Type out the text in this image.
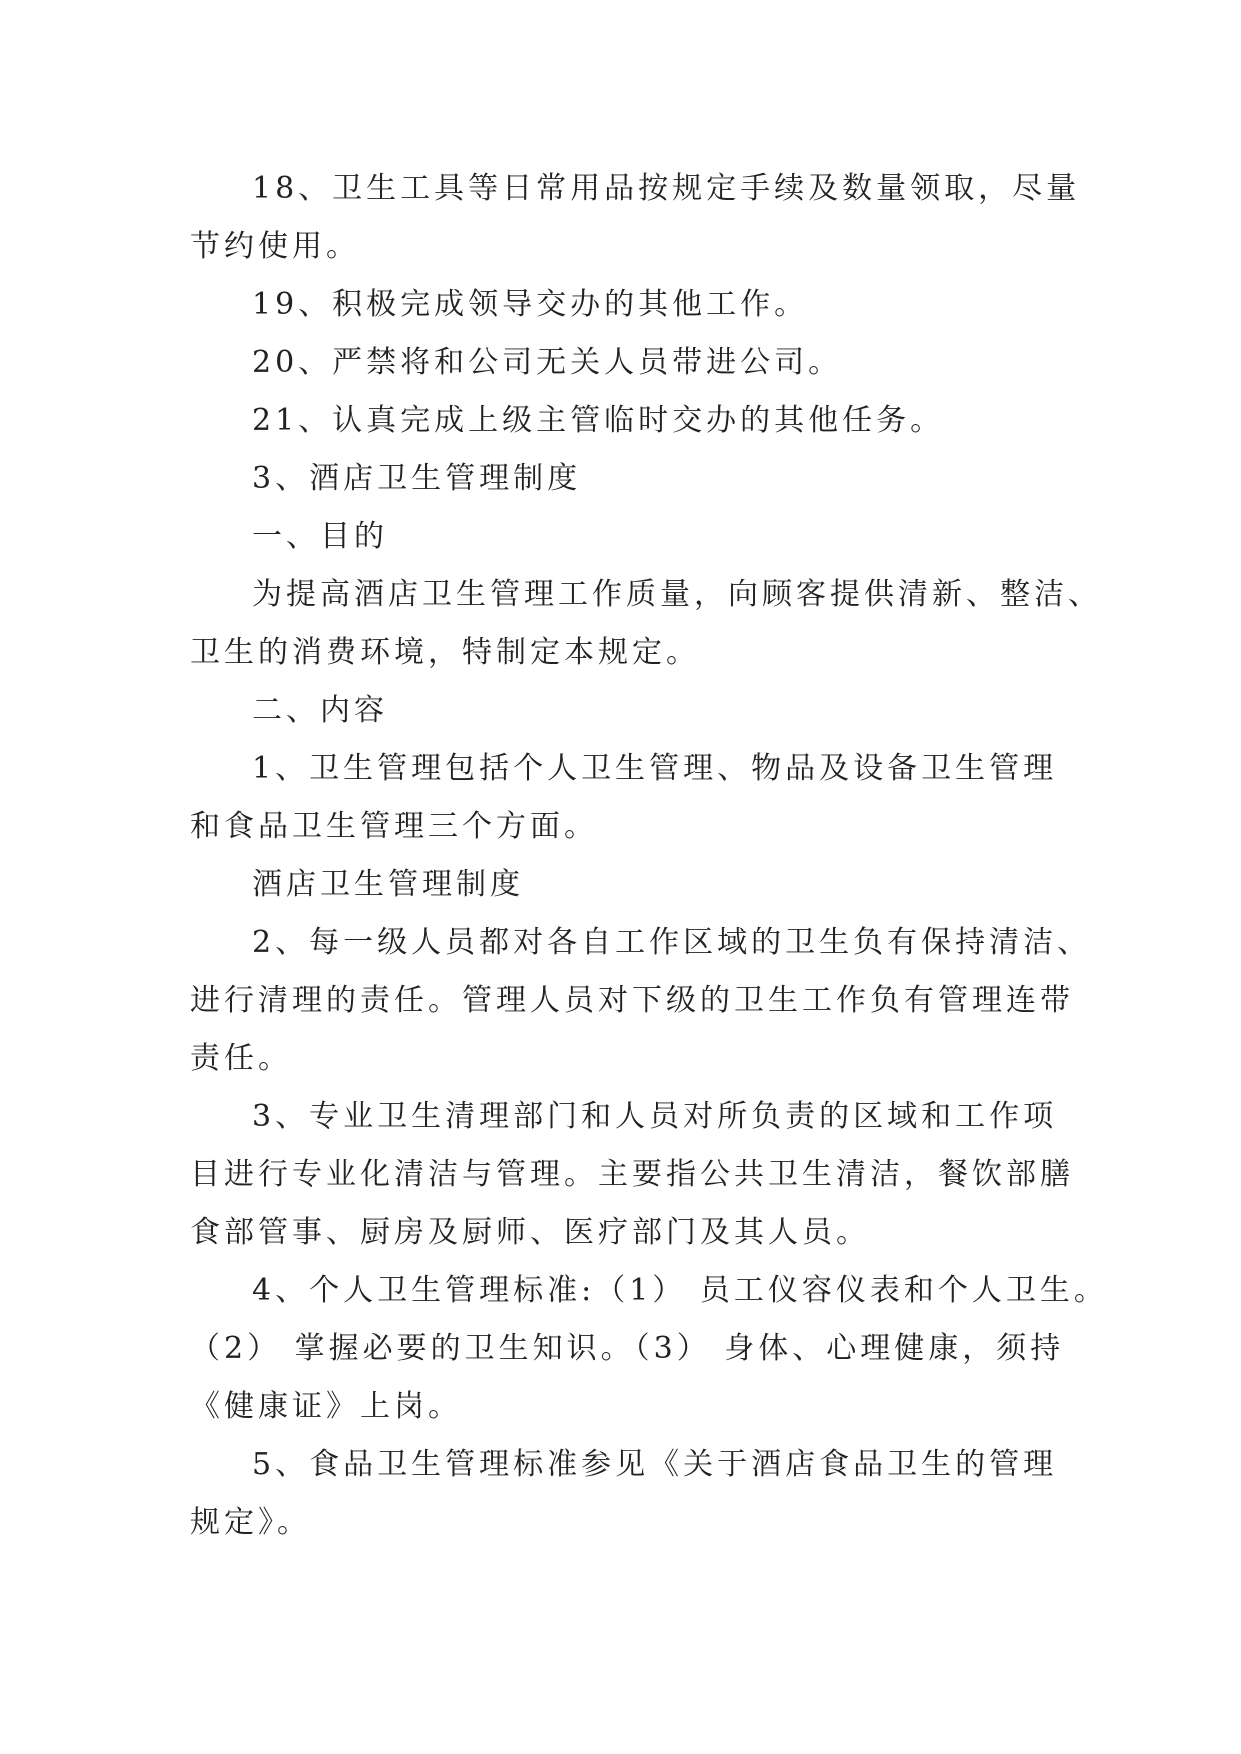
18、卫生工具等日常用品按规定手续及数量领取，尽量
节约使用。

19、积极完成领导交办的其他工作。

20、严禁将和公司无关人员带进公司。

21、认真完成上级主管临时交办的其他任务。

3、酒店卫生管理制度

一、目的

为提高酒店卫生管理工作质量，向顾客提供清新、整洁、
卫生的消费环境，特制定本规定。

二、内容

1、卫生管理包括个人卫生管理、物品及设备卫生管理
和食品卫生管理三个方面。

酒店卫生管理制度

2、每一级人员都对各自工作区域的卫生负有保持清洁、
进行清理的责任。管理人员对下级的卫生工作负有管理连带
责任。

3、专业卫生清理部门和人员对所负责的区域和工作项
目进行专业化清洁与管理。主要指公共卫生清洁，餐饮部膳
食部管事、厨房及厨师、医疗部门及其人员。

4、个人卫生管理标准:（1） 员工仪容仪表和个人卫生。
（2） 掌握必要的卫生知识。（3） 身体、心理健康，须持
《健康证》上岗。

5、食品卫生管理标准参见《关于酒店食品卫生的管理
规定》。
